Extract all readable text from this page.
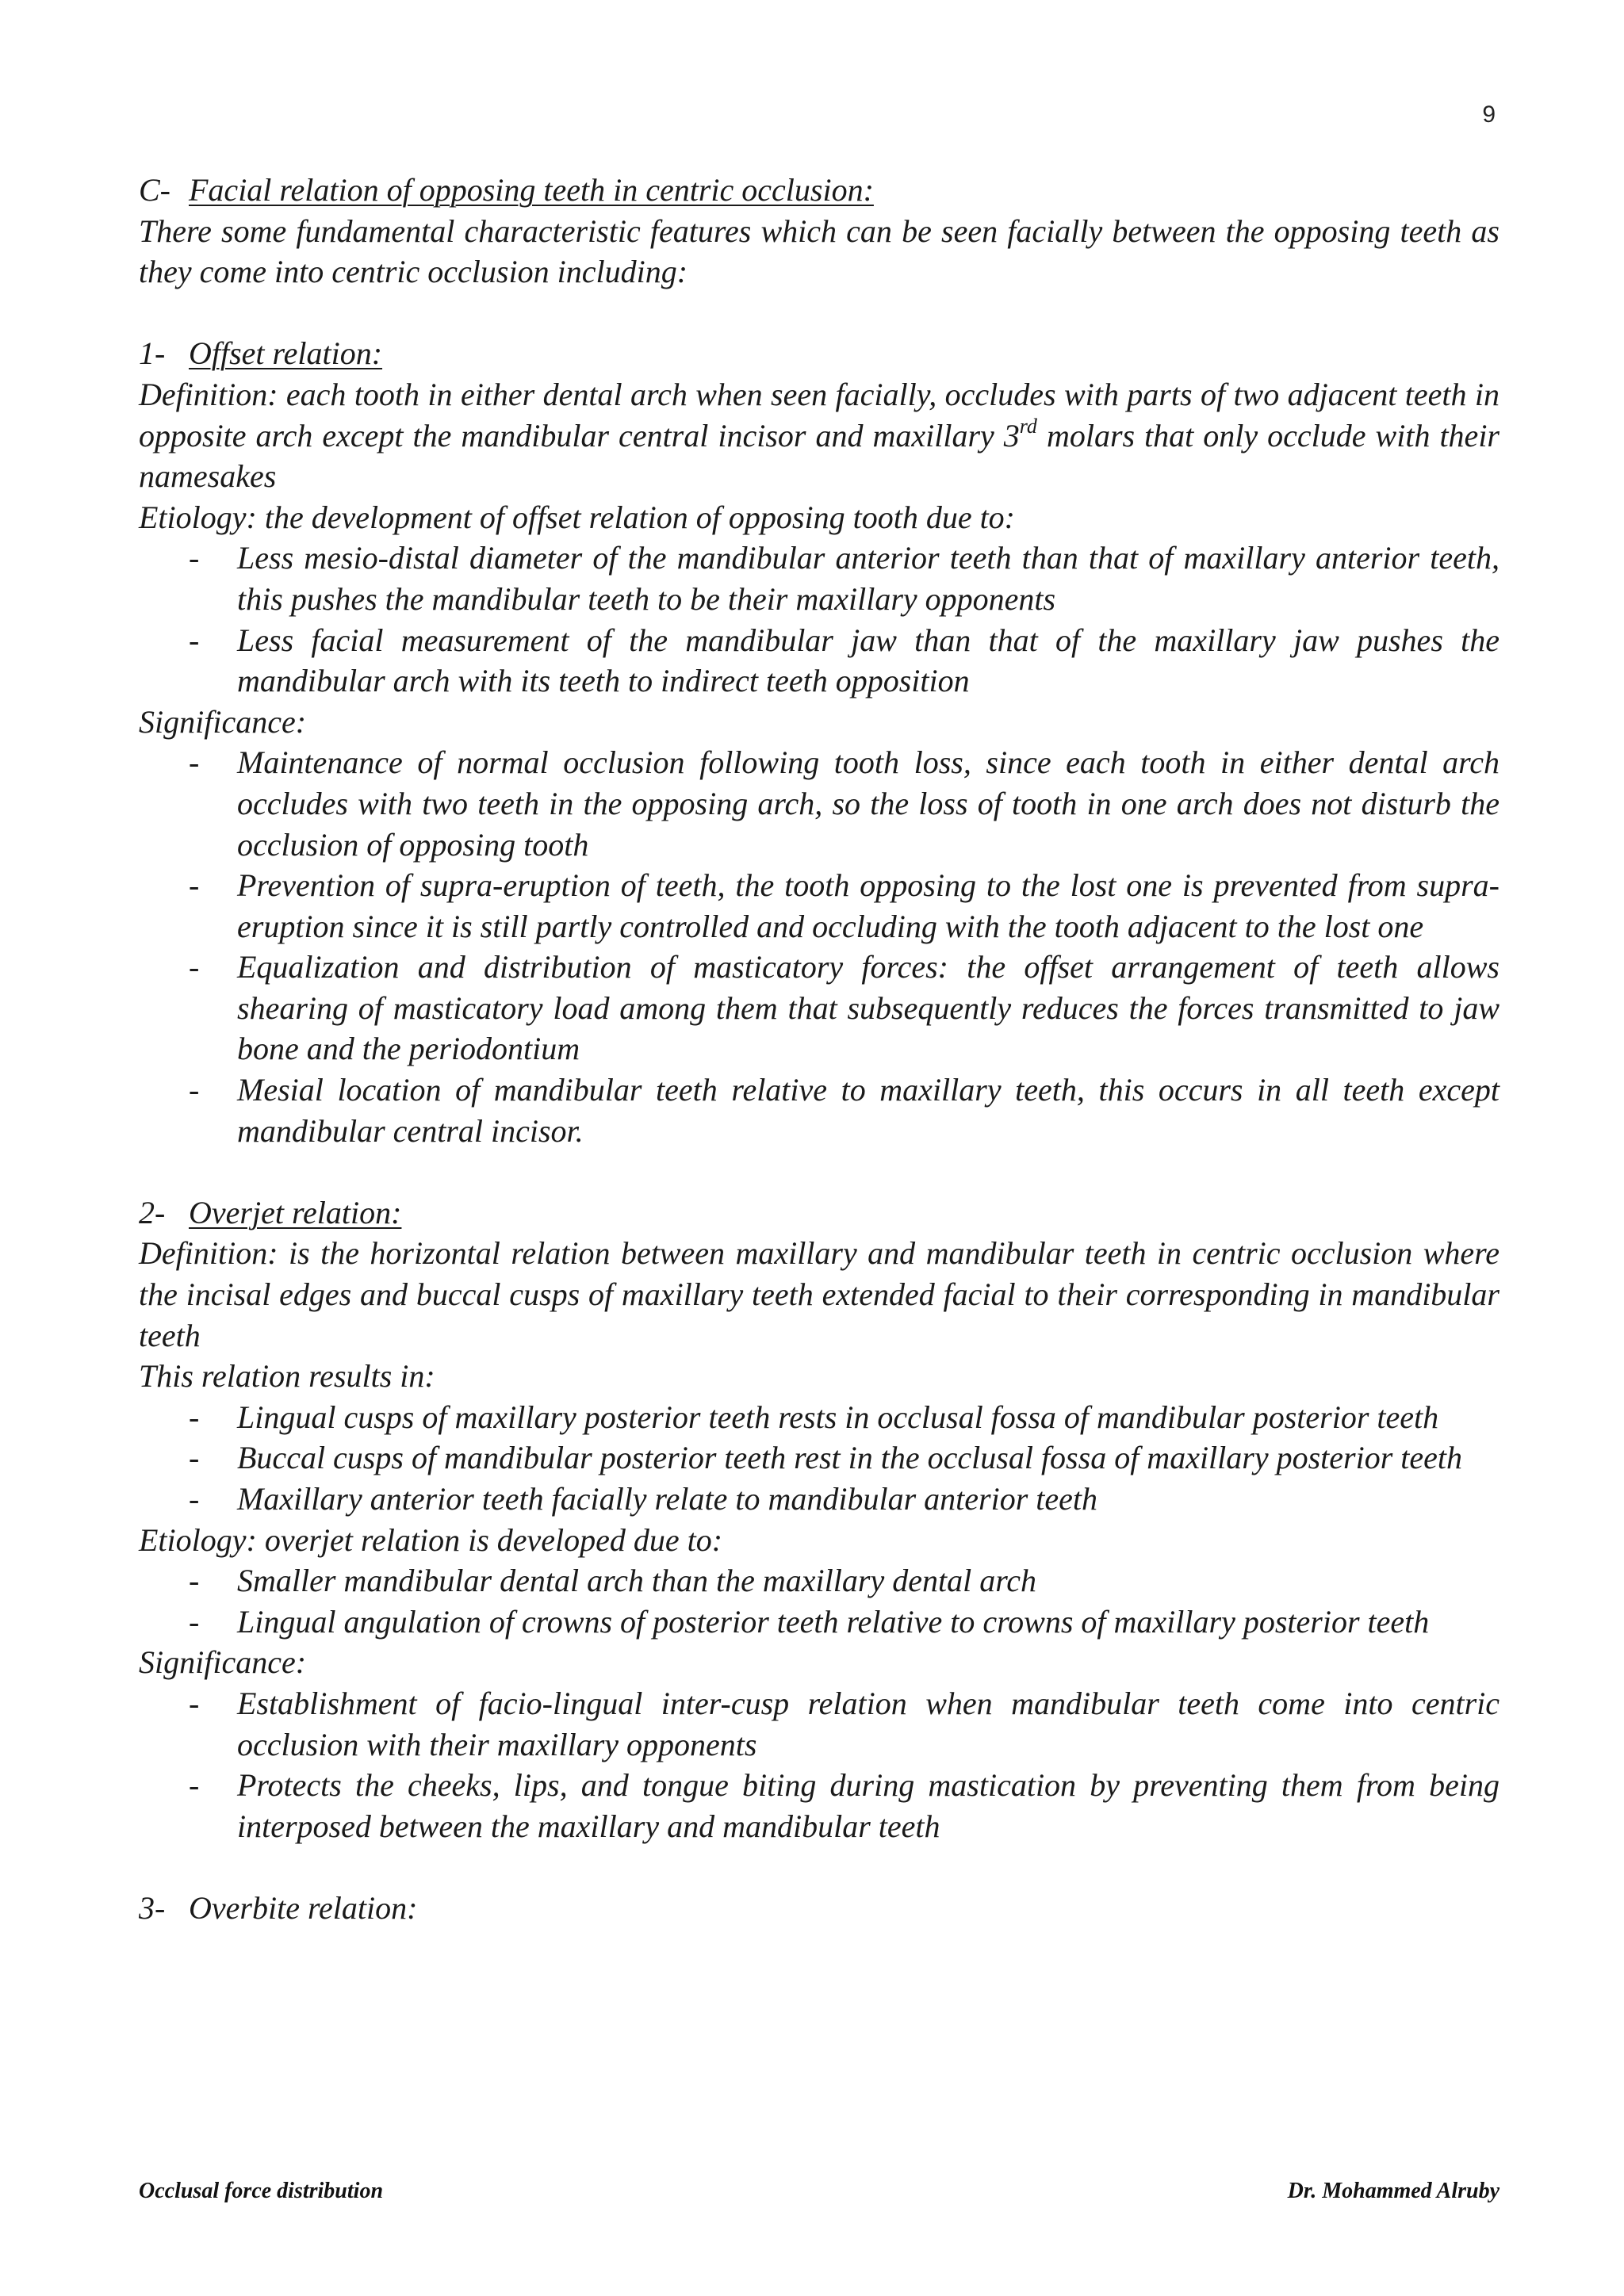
9

C- Facial relation of opposing teeth in centric occlusion:

There some fundamental characteristic features which can be seen facially between the opposing teeth as they come into centric occlusion including:

1- Offset relation:

Definition: each tooth in either dental arch when seen facially, occludes with parts of two adjacent teeth in opposite arch except the mandibular central incisor and maxillary 3rd molars that only occlude with their namesakes

Etiology: the development of offset relation of opposing tooth due to:

- Less mesio-distal diameter of the mandibular anterior teeth than that of maxillary anterior teeth, this pushes the mandibular teeth to be their maxillary opponents
- Less facial measurement of the mandibular jaw than that of the maxillary jaw pushes the mandibular arch with its teeth to indirect teeth opposition

Significance:

- Maintenance of normal occlusion following tooth loss, since each tooth in either dental arch occludes with two teeth in the opposing arch, so the loss of tooth in one arch does not disturb the occlusion of opposing tooth
- Prevention of supra-eruption of teeth, the tooth opposing to the lost one is prevented from supra-eruption since it is still partly controlled and occluding with the tooth adjacent to the lost one
- Equalization and distribution of masticatory forces: the offset arrangement of teeth allows shearing of masticatory load among them that subsequently reduces the forces transmitted to jaw bone and the periodontium
- Mesial location of mandibular teeth relative to maxillary teeth, this occurs in all teeth except mandibular central incisor.

2- Overjet relation:

Definition: is the horizontal relation between maxillary and mandibular teeth in centric occlusion where the incisal edges and buccal cusps of maxillary teeth extended facial to their corresponding in mandibular teeth

This relation results in:

- Lingual cusps of maxillary posterior teeth rests in occlusal fossa of mandibular posterior teeth
- Buccal cusps of mandibular posterior teeth rest in the occlusal fossa of maxillary posterior teeth
- Maxillary anterior teeth facially relate to mandibular anterior teeth

Etiology: overjet relation is developed due to:

- Smaller mandibular dental arch than the maxillary dental arch
- Lingual angulation of crowns of posterior teeth relative to crowns of maxillary posterior teeth

Significance:

- Establishment of facio-lingual inter-cusp relation when mandibular teeth come into centric occlusion with their maxillary opponents
- Protects the cheeks, lips, and tongue biting during mastication by preventing them from being interposed between the maxillary and mandibular teeth

3- Overbite relation:

Occlusal force distribution	Dr. Mohammed Alruby
